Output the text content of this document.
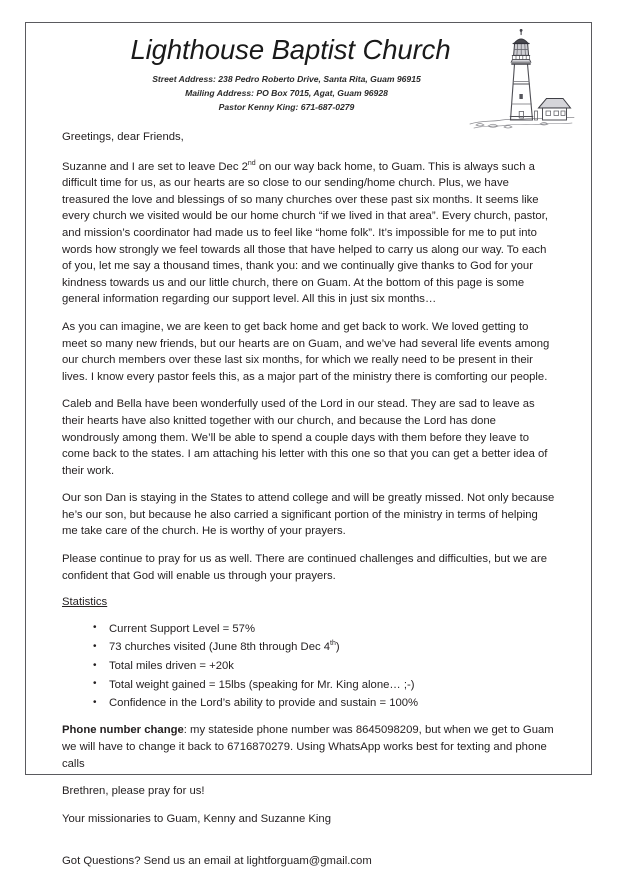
Lighthouse Baptist Church
Street Address: 238 Pedro Roberto Drive, Santa Rita, Guam 96915
Mailing Address: PO Box 7015, Agat, Guam 96928
Pastor Kenny King: 671-687-0279

Greetings, dear Friends,

Suzanne and I are set to leave Dec 2nd on our way back home, to Guam. This is always such a difficult time for us, as our hearts are so close to our sending/home church. Plus, we have treasured the love and blessings of so many churches over these past six months. It seems like every church we visited would be our home church “if we lived in that area”. Every church, pastor, and mission’s coordinator had made us to feel like “home folk”. It’s impossible for me to put into words how strongly we feel towards all those that have helped to carry us along our way. To each of you, let me say a thousand times, thank you: and we continually give thanks to God for your kindness towards us and our little church, there on Guam. At the bottom of this page is some general information regarding our support level. All this in just six months…

As you can imagine, we are keen to get back home and get back to work. We loved getting to meet so many new friends, but our hearts are on Guam, and we’ve had several life events among our church members over these last six months, for which we really need to be present in their lives. I know every pastor feels this, as a major part of the ministry there is comforting our people.

Caleb and Bella have been wonderfully used of the Lord in our stead. They are sad to leave as their hearts have also knitted together with our church, and because the Lord has done wondrously among them. We’ll be able to spend a couple days with them before they leave to come back to the states. I am attaching his letter with this one so that you can get a better idea of their work.

Our son Dan is staying in the States to attend college and will be greatly missed. Not only because he’s our son, but because he also carried a significant portion of the ministry in terms of helping me take care of the church. He is worthy of your prayers.

Please continue to pray for us as well. There are continued challenges and difficulties, but we are confident that God will enable us through your prayers.

Statistics

• Current Support Level = 57%
• 73 churches visited (June 8th through Dec 4th)
• Total miles driven = +20k
• Total weight gained = 15lbs (speaking for Mr. King alone… ;-)
• Confidence in the Lord’s ability to provide and sustain = 100%

Phone number change: my stateside phone number was 8645098209, but when we get to Guam we will have to change it back to 6716870279. Using WhatsApp works best for texting and phone calls

Brethren, please pray for us!

Your missionaries to Guam, Kenny and Suzanne King

Got Questions? Send us an email at lightforguam@gmail.com
